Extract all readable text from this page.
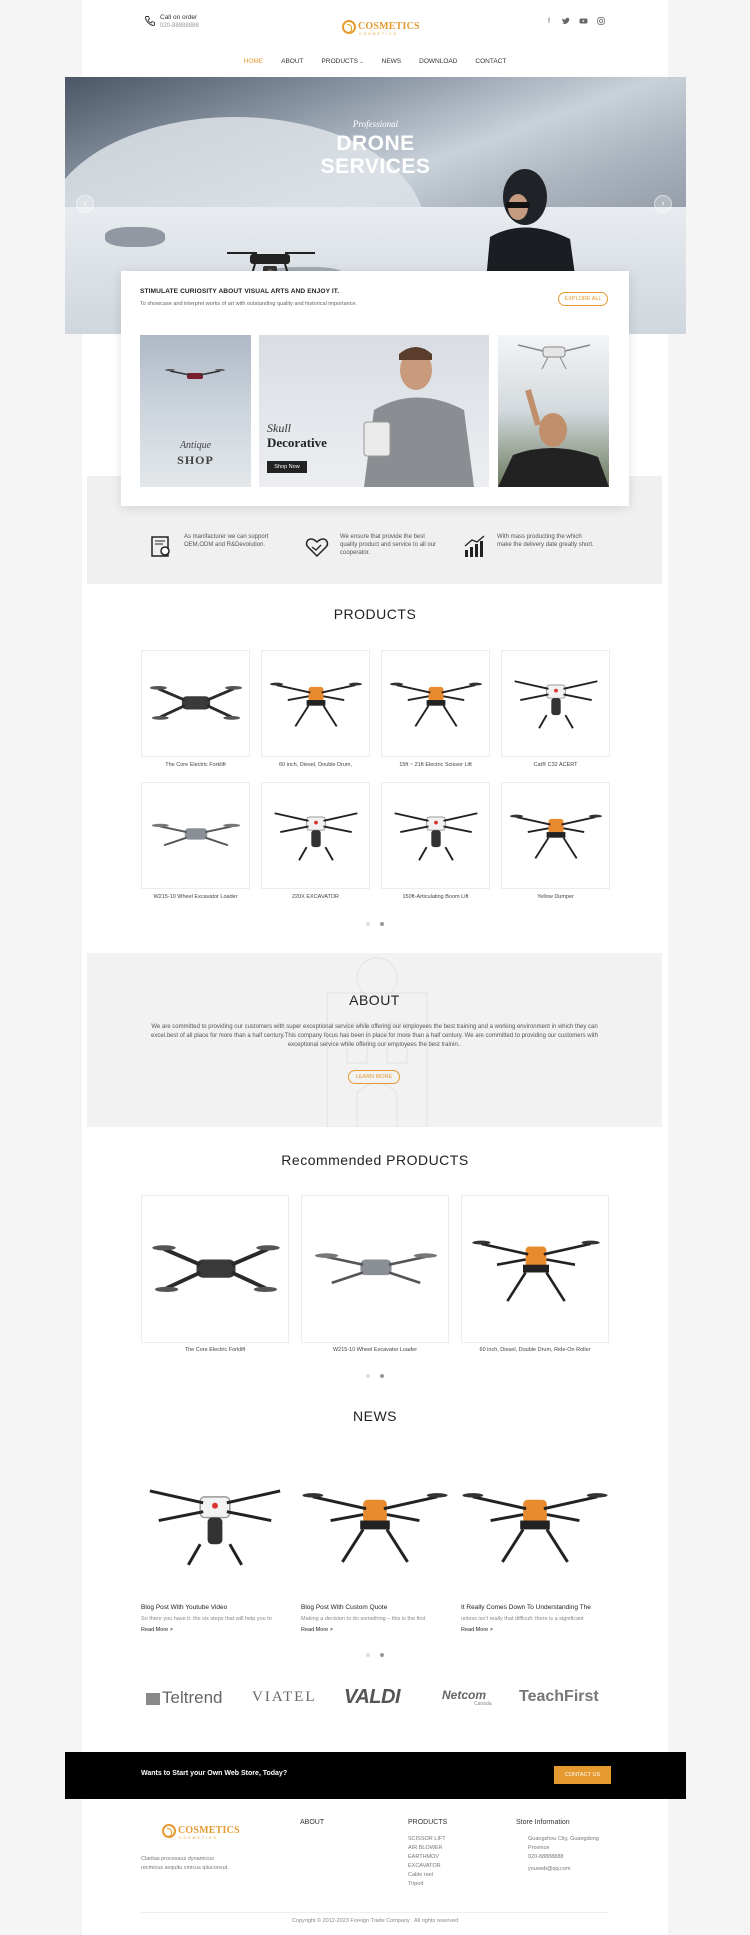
Call on order
020-88888888	COSMETICS
COSMETICS
f
HOME	ABOUT	PRODUCTS ⌄	NEWS	DOWNLOAD	CONTACT
Professional
DRONE
SERVICES
‹	›
STIMULATE CURIOSITY ABOUT VISUAL ARTS AND ENJOY IT.
To showcase and interpret works of art with outstanding quality and historical importance.
EXPLORE ALL
Antique
SHOP
Skull
Decorative
Shop Now
As manifacturer we can support OEM,ODM and R&Devolution.
We ensure that provide the best quality product and service to all our cooperator.
With mass producting the which make the delivery date greatly short.
PRODUCTS
The Core Electric Forklift	60 inch, Diesel, Double Drum,	15ft ~ 21ft Electric Scissor Lift	Cat® C32 ACERT
W215-10 Wheel Excavator Loader	220X EXCAVATOR	150ft-Articulating Boom Lift	Yellow Dumper
ABOUT
We are committed to providing our customers with super exceptional service while offering our employees the best training and a working environment in which they can excel.best of all place for more than a half century.This company focus has been in place for more than a half century. We are committed to providing our customers with exceptional service while offering our employees the best trainin..
LEARN MORE
Recommended PRODUCTS
The Core Electric Forklift	W215-10 Wheel Excavator Loader	60 inch, Diesel, Double Drum, Ride-On Roller
NEWS
Blog Post With Youtube Video
So there you have it: the six steps that will help you to
Read More >
Blog Post With Custom Quote
Making a decision to do something – this is the first
Read More >
It Really Comes Down To Understanding The
unless isn't really that difficult: there is a significant
Read More >
Teltrend VIATEL VALDI	Netcom
Canada TeachFirst
Wants to Start your Own Web Store, Today?	CONTACT US
COSMETICS
COSMETICS
Claritas processus dynamicus recmicus sequitu cmicus qiiuconsut.
ABOUT	PRODUCTS
SCISSOR LIFT
AIR BLOWER
EARTHMOV
EXCAVATOR
Cable reel
Tripod
Store Information
Guangzhou City, Guangdong Province
020-88888888
youweb@qq.com
Copyright © 2012-2023 Foreign Trade Company . All rights reserved
